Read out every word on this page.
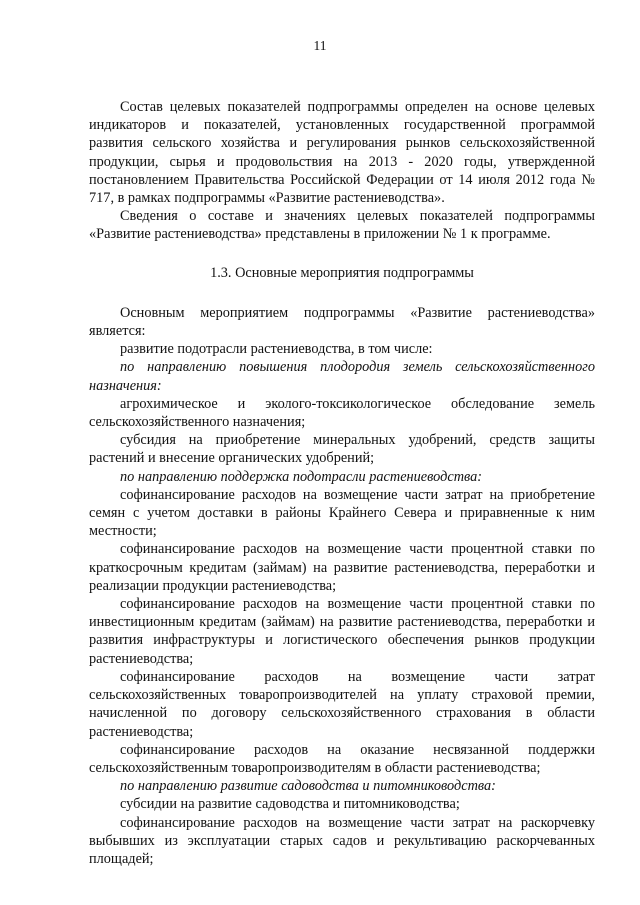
11

Состав целевых показателей подпрограммы определен на основе целевых индикаторов и показателей, установленных государственной программой развития сельского хозяйства и регулирования рынков сельскохозяйственной продукции, сырья и продовольствия на 2013 - 2020 годы, утвержденной постановлением Правительства Российской Федерации от 14 июля 2012 года № 717, в рамках подпрограммы «Развитие растениеводства».

Сведения о составе и значениях целевых показателей подпрограммы «Развитие растениеводства» представлены в приложении № 1 к программе.

1.3. Основные мероприятия подпрограммы

Основным мероприятием подпрограммы «Развитие растениеводства» является:

развитие подотрасли растениеводства, в том числе:

по направлению повышения плодородия земель сельскохозяйственного назначения:

агрохимическое и эколого-токсикологическое обследование земель сельскохозяйственного назначения;

субсидия на приобретение минеральных удобрений, средств защиты растений и внесение органических удобрений;

по направлению поддержка подотрасли растениеводства:

софинансирование расходов на возмещение части затрат на приобретение семян с учетом доставки в районы Крайнего Севера и приравненные к ним местности;

софинансирование расходов на возмещение части процентной ставки по краткосрочным кредитам (займам) на развитие растениеводства, переработки и реализации продукции растениеводства;

софинансирование расходов на возмещение части процентной ставки по инвестиционным кредитам (займам) на развитие растениеводства, переработки и развития инфраструктуры и логистического обеспечения рынков продукции растениеводства;

софинансирование расходов на возмещение части затрат сельскохозяйственных товаропроизводителей на уплату страховой премии, начисленной по договору сельскохозяйственного страхования в области растениеводства;

софинансирование расходов на оказание несвязанной поддержки сельскохозяйственным товаропроизводителям в области растениеводства;

по направлению развитие садоводства и питомниководства:

субсидии на развитие садоводства и питомниководства;

софинансирование расходов на возмещение части затрат на раскорчевку выбывших из эксплуатации старых садов и рекультивацию раскорчеванных площадей;
